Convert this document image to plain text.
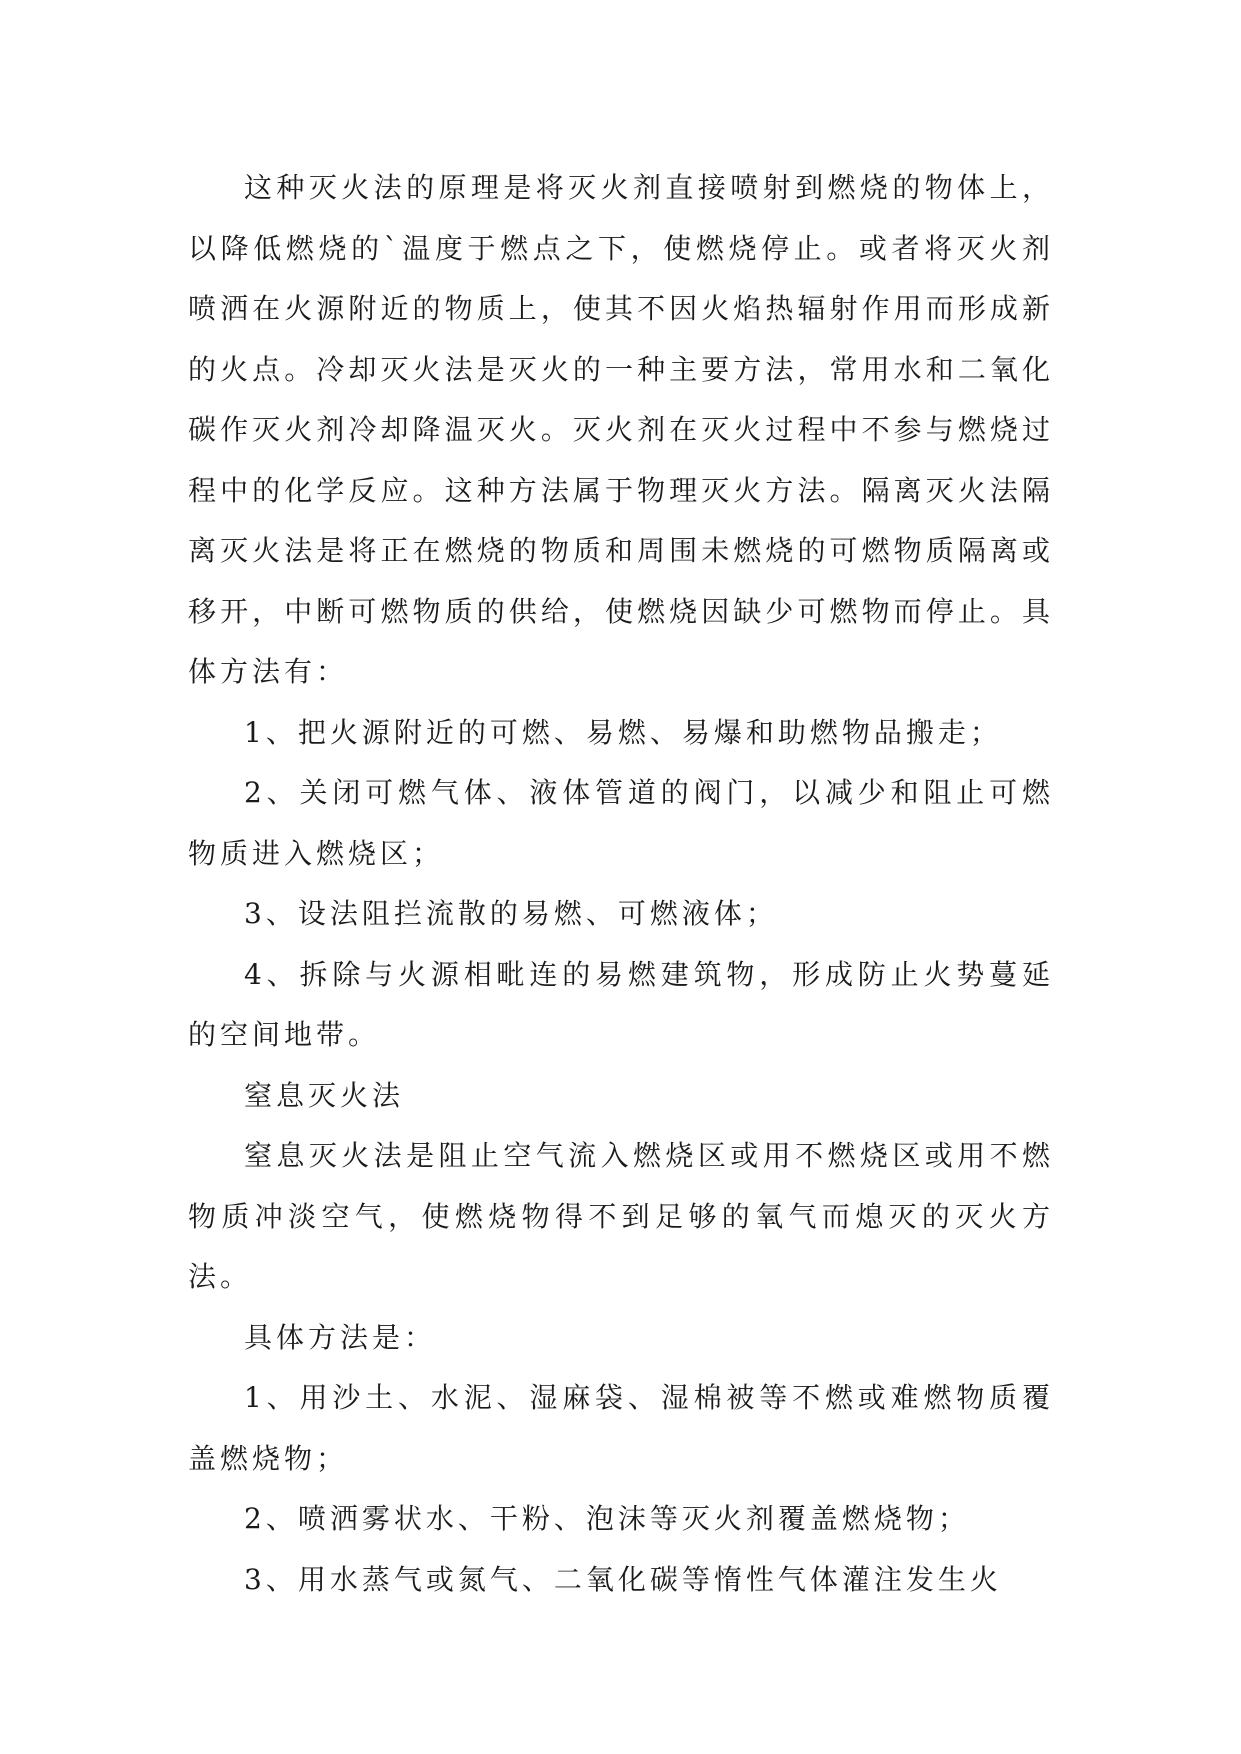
这种灭火法的原理是将灭火剂直接喷射到燃烧的物体上，以降低燃烧的`温度于燃点之下，使燃烧停止。或者将灭火剂喷洒在火源附近的物质上，使其不因火焰热辐射作用而形成新的火点。冷却灭火法是灭火的一种主要方法，常用水和二氧化碳作灭火剂冷却降温灭火。灭火剂在灭火过程中不参与燃烧过程中的化学反应。这种方法属于物理灭火方法。隔离灭火法隔离灭火法是将正在燃烧的物质和周围未燃烧的可燃物质隔离或移开，中断可燃物质的供给，使燃烧因缺少可燃物而停止。具体方法有：

1、把火源附近的可燃、易燃、易爆和助燃物品搬走；

2、关闭可燃气体、液体管道的阀门，以减少和阻止可燃物质进入燃烧区；

3、设法阻拦流散的易燃、可燃液体；

4、拆除与火源相毗连的易燃建筑物，形成防止火势蔓延的空间地带。

窒息灭火法

窒息灭火法是阻止空气流入燃烧区或用不燃烧区或用不燃物质冲淡空气，使燃烧物得不到足够的氧气而熄灭的灭火方法。

具体方法是：

1、用沙土、水泥、湿麻袋、湿棉被等不燃或难燃物质覆盖燃烧物；

2、喷洒雾状水、干粉、泡沫等灭火剂覆盖燃烧物；

3、用水蒸气或氮气、二氧化碳等惰性气体灌注发生火
